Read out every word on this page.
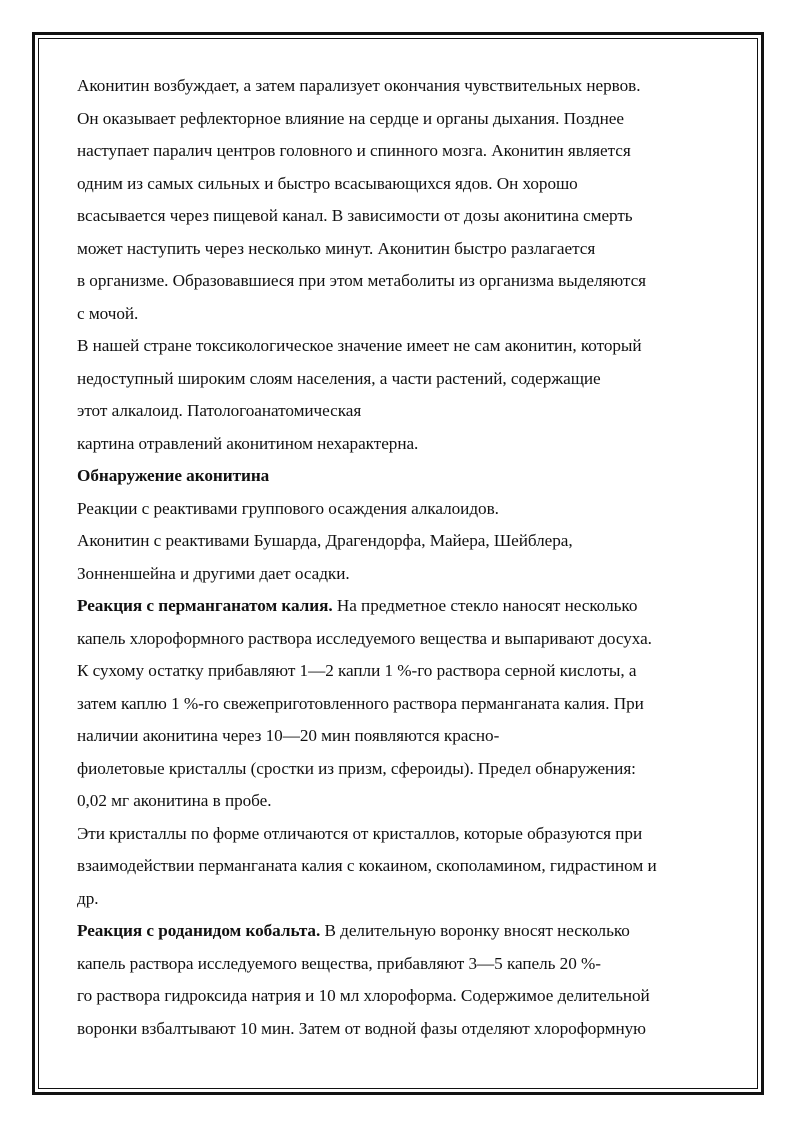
Аконитин возбуждает, а затем парализует окончания чувствительных нервов.
Он оказывает рефлекторное влияние на сердце и органы дыхания. Позднее
наступает паралич центров головного и спинного мозга. Аконитин является
одним из самых сильных и быстро всасывающихся ядов. Он хорошо
всасывается через пищевой канал. В зависимости от дозы аконитина смерть
может наступить через несколько минут. Аконитин быстро разлагается
в организме. Образовавшиеся при этом метаболиты из организма выделяются
с мочой.
В нашей стране токсикологическое значение имеет не сам аконитин, который
недоступный широким слоям населения, а части растений, содержащие
этот алкалоид. Патологоанатомическая
картина отравлений аконитином нехарактерна.
Обнаружение аконитина
Реакции с реактивами группового осаждения алкалоидов.
Аконитин с реактивами Бушарда, Драгендорфа, Майера, Шейблера,
Зонненшейна и другими дает осадки.
Реакция с перманганатом калия. На предметное стекло наносят несколько
капель хлороформного раствора исследуемого вещества и выпаривают досуха.
К сухому остатку прибавляют 1—2 капли 1 %-го раствора серной кислоты, а
затем каплю 1 %-го свежеприготовленного раствора перманганата калия. При
наличии аконитина через 10—20 мин появляются красно-
фиолетовые кристаллы (сростки из призм, сфероиды). Предел обнаружения:
0,02 мг аконитина в пробе.
Эти кристаллы по форме отличаются от кристаллов, которые образуются при
взаимодействии перманганата калия с кокаином, скополамином, гидрастином и
др.
Реакция с роданидом кобальта. В делительную воронку вносят несколько
капель раствора исследуемого вещества, прибавляют 3—5 капель 20 %-
го раствора гидроксида натрия и 10 мл хлороформа. Содержимое делительной
воронки взбалтывают 10 мин. Затем от водной фазы отделяют хлороформную
